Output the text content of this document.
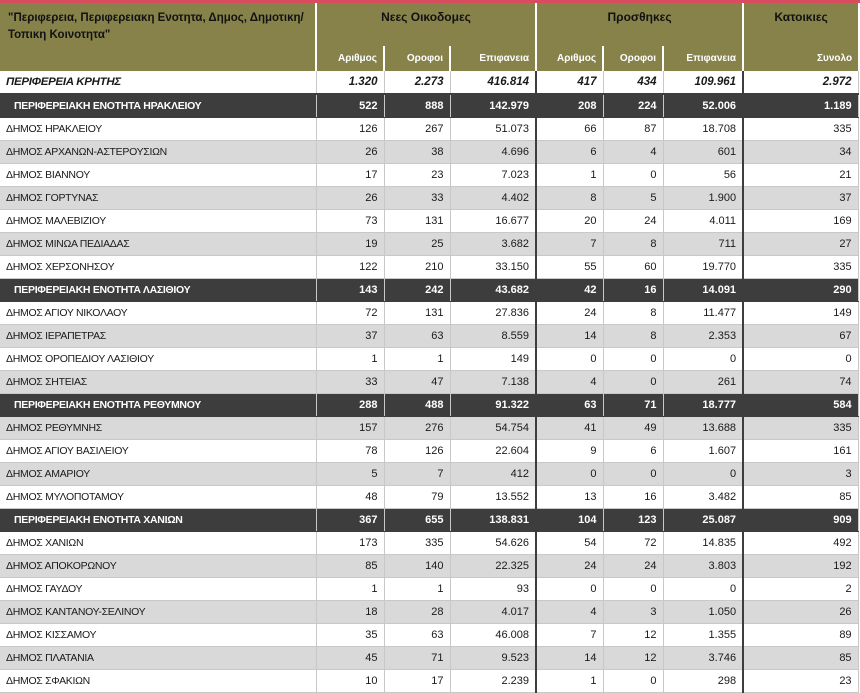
"Περιφερεια, Περιφερειακη Ενοτητα, Δημος, Δημοτικη/Τοπικη Κοινοτητα"	Νεες Οικοδομες			Προσθηκες			Κατοικιες
	Αριθμος	Οροφοι	Επιφανεια	Αριθμος	Οροφοι	Επιφανεια	Συνολο
ΠΕΡΙΦΕΡΕΙΑ ΚΡΗΤΗΣ	1.320	2.273	416.814	417	434	109.961	2.972
ΠΕΡΙΦΕΡΕΙΑΚΗ ΕΝΟΤΗΤΑ ΗΡΑΚΛΕΙΟΥ	522	888	142.979	208	224	52.006	1.189
ΔΗΜΟΣ ΗΡΑΚΛΕΙΟΥ	126	267	51.073	66	87	18.708	335
ΔΗΜΟΣ ΑΡΧΑΝΩΝ-ΑΣΤΕΡΟΥΣΙΩΝ	26	38	4.696	6	4	601	34
ΔΗΜΟΣ ΒΙΑΝΝΟΥ	17	23	7.023	1	0	56	21
ΔΗΜΟΣ ΓΟΡΤΥΝΑΣ	26	33	4.402	8	5	1.900	37
ΔΗΜΟΣ ΜΑΛΕΒΙΖΙΟΥ	73	131	16.677	20	24	4.011	169
ΔΗΜΟΣ ΜΙΝΩΑ ΠΕΔΙΑΔΑΣ	19	25	3.682	7	8	711	27
ΔΗΜΟΣ ΧΕΡΣΟΝΗΣΟΥ	122	210	33.150	55	60	19.770	335
ΠΕΡΙΦΕΡΕΙΑΚΗ ΕΝΟΤΗΤΑ ΛΑΣΙΘΙΟΥ	143	242	43.682	42	16	14.091	290
ΔΗΜΟΣ ΑΓΙΟΥ ΝΙΚΟΛΑΟΥ	72	131	27.836	24	8	11.477	149
ΔΗΜΟΣ ΙΕΡΑΠΕΤΡΑΣ	37	63	8.559	14	8	2.353	67
ΔΗΜΟΣ ΟΡΟΠΕΔΙΟΥ ΛΑΣΙΘΙΟΥ	1	1	149	0	0	0	0
ΔΗΜΟΣ ΣΗΤΕΙΑΣ	33	47	7.138	4	0	261	74
ΠΕΡΙΦΕΡΕΙΑΚΗ ΕΝΟΤΗΤΑ ΡΕΘΥΜΝΟΥ	288	488	91.322	63	71	18.777	584
ΔΗΜΟΣ ΡΕΘΥΜΝΗΣ	157	276	54.754	41	49	13.688	335
ΔΗΜΟΣ ΑΓΙΟΥ ΒΑΣΙΛΕΙΟΥ	78	126	22.604	9	6	1.607	161
ΔΗΜΟΣ ΑΜΑΡΙΟΥ	5	7	412	0	0	0	3
ΔΗΜΟΣ ΜΥΛΟΠΟΤΑΜΟΥ	48	79	13.552	13	16	3.482	85
ΠΕΡΙΦΕΡΕΙΑΚΗ ΕΝΟΤΗΤΑ ΧΑΝΙΩΝ	367	655	138.831	104	123	25.087	909
ΔΗΜΟΣ ΧΑΝΙΩΝ	173	335	54.626	54	72	14.835	492
ΔΗΜΟΣ ΑΠΟΚΟΡΩΝΟΥ	85	140	22.325	24	24	3.803	192
ΔΗΜΟΣ ΓΑΥΔΟΥ	1	1	93	0	0	0	2
ΔΗΜΟΣ ΚΑΝΤΑΝΟΥ-ΣΕΛΙΝΟΥ	18	28	4.017	4	3	1.050	26
ΔΗΜΟΣ ΚΙΣΣΑΜΟΥ	35	63	46.008	7	12	1.355	89
ΔΗΜΟΣ ΠΛΑΤΑΝΙΑ	45	71	9.523	14	12	3.746	85
ΔΗΜΟΣ ΣΦΑΚΙΩΝ	10	17	2.239	1	0	298	23
